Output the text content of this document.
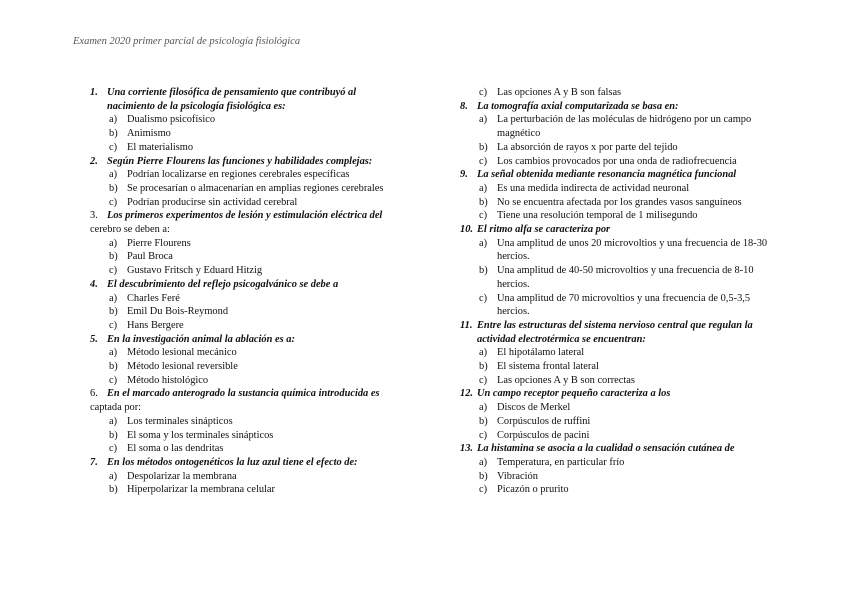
Examen 2020 primer parcial de psicología fisiológica
1. Una corriente filosófica de pensamiento que contribuyó al nacimiento de la psicología fisiológica es:
a) Dualismo psicofísico
b) Animismo
c) El materialismo
2. Según Pierre Flourens las funciones y habilidades complejas:
a) Podrían localizarse en regiones cerebrales específicas
b) Se procesarían o almacenarían en amplias regiones cerebrales
c) Podrían producirse sin actividad cerebral
3. Los primeros experimentos de lesión y estimulación eléctrica del
cerebro se deben a:
a) Pierre Flourens
b) Paul Broca
c) Gustavo Fritsch y Eduard Hitzig
4. El descubrimiento del reflejo psicogalvánico se debe a
a) Charles Feré
b) Emil Du Bois-Reymond
c) Hans Bergere
5. En la investigación animal la ablación es a:
a) Método lesional mecánico
b) Método lesional reversible
c) Método histológico
6. En el marcado anterogrado la sustancia química introducida es
captada por:
a) Los terminales sinápticos
b) El soma y los terminales sinápticos
c) El soma o las dendritas
7. En los métodos ontogenéticos la luz azul tiene el efecto de:
a) Despolarizar la membrana
b) Hiperpolarizar la membrana celular
c) Las opciones A y B son falsas
8. La tomografía axial computarizada se basa en:
a) La perturbación de las moléculas de hidrógeno por un campo magnético
b) La absorción de rayos x por parte del tejido
c) Los cambios provocados por una onda de radiofrecuencia
9. La señal obtenida mediante resonancia magnética funcional
a) Es una medida indirecta de actividad neuronal
b) No se encuentra afectada por los grandes vasos sanguíneos
c) Tiene una resolución temporal de 1 milisegundo
10. El ritmo alfa se caracteriza por
a) Una amplitud de unos 20 microvoltios y una frecuencia de 18-30 hercios.
b) Una amplitud de 40-50 microvoltios y una frecuencia de 8-10 hercios.
c) Una amplitud de 70 microvoltios y una frecuencia de 0,5-3,5 hercios.
11. Entre las estructuras del sistema nervioso central que regulan la actividad electrotérmica se encuentran:
a) El hipotálamo lateral
b) El sistema frontal lateral
c) Las opciones A y B son correctas
12. Un campo receptor pequeño caracteriza a los
a) Discos de Merkel
b) Corpúsculos de ruffini
c) Corpúsculos de pacini
13. La histamina se asocia a la cualidad o sensación cutánea de
a) Temperatura, en particular frío
b) Vibración
c) Picazón o prurito
